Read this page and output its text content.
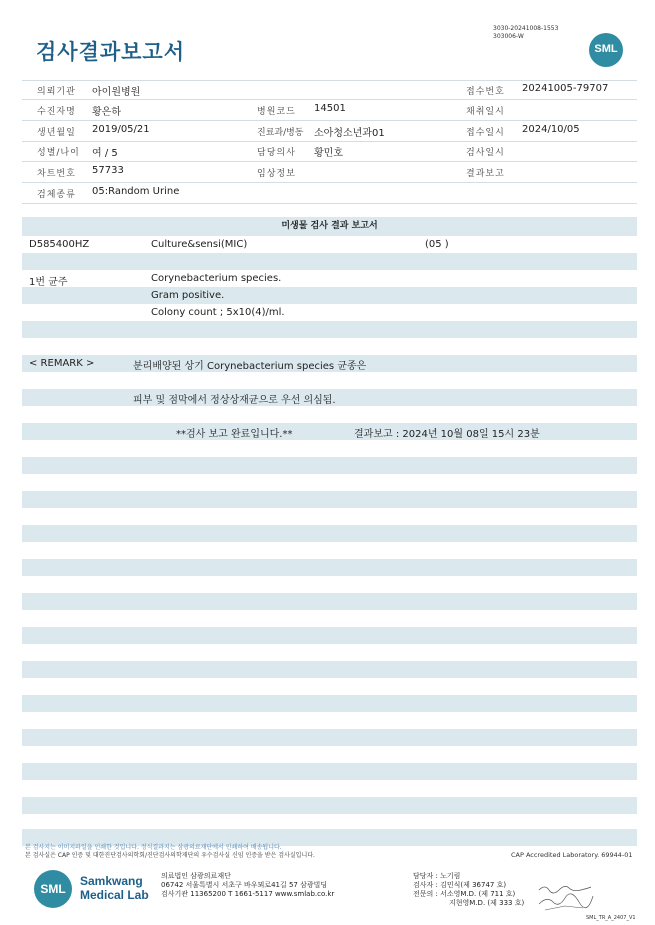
검사결과보고서
3030-20241008-1553
303006-W
SML
의뢰기관 아이원병원	접수번호 20241005-79707
수진자명 황은하	병원코드 14501	채취일시
생년월일 2019/05/21	진료과/병동 소아청소년과01	접수일시 2024/10/05
성별/나이 여 / 5	담당의사 황민호	검사일시
차트번호 57733	임상정보	결과보고
검체종류 05:Random Urine
미생물 검사 결과 보고서
D585400HZ	Culture&sensi(MIC)	(05 )
1번 균주	Corynebacterium species.
Gram positive.
Colony count ; 5x10(4)/ml.
< REMARK >	분리배양된 상기 Corynebacterium species 균종은
피부 및 점막에서 정상상재균으로 우선 의심됨.
**검사 보고 완료입니다.**	결과보고 : 2024년 10월 08일 15시 23분
본 검사지는 이미지파일을 인쇄한 것입니다. 정식결과지는 삼광의료재단에서 인쇄하여 배송됩니다.
본 검사실은 CAP 인증 및 대한진단검사의학회/진단검사의학재단의 우수검사실 신임 인증을 받은 검사실입니다.	CAP Accredited Laboratory. 69944-01
SML
Samkwang
Medical Lab
의료법인 삼광의료재단
06742 서울특별시 서초구 바우뫼로41길 57 삼광빌딩
검사기관 11365200 T 1661-5117 www.smlab.co.kr
담당자 : 노기림
검사자 : 김민식(제 36747 호)
전문의 : 서소영M.D. (제 711 호)
지현영M.D. (제 333 호)
SML_TR_A_2407_V1
